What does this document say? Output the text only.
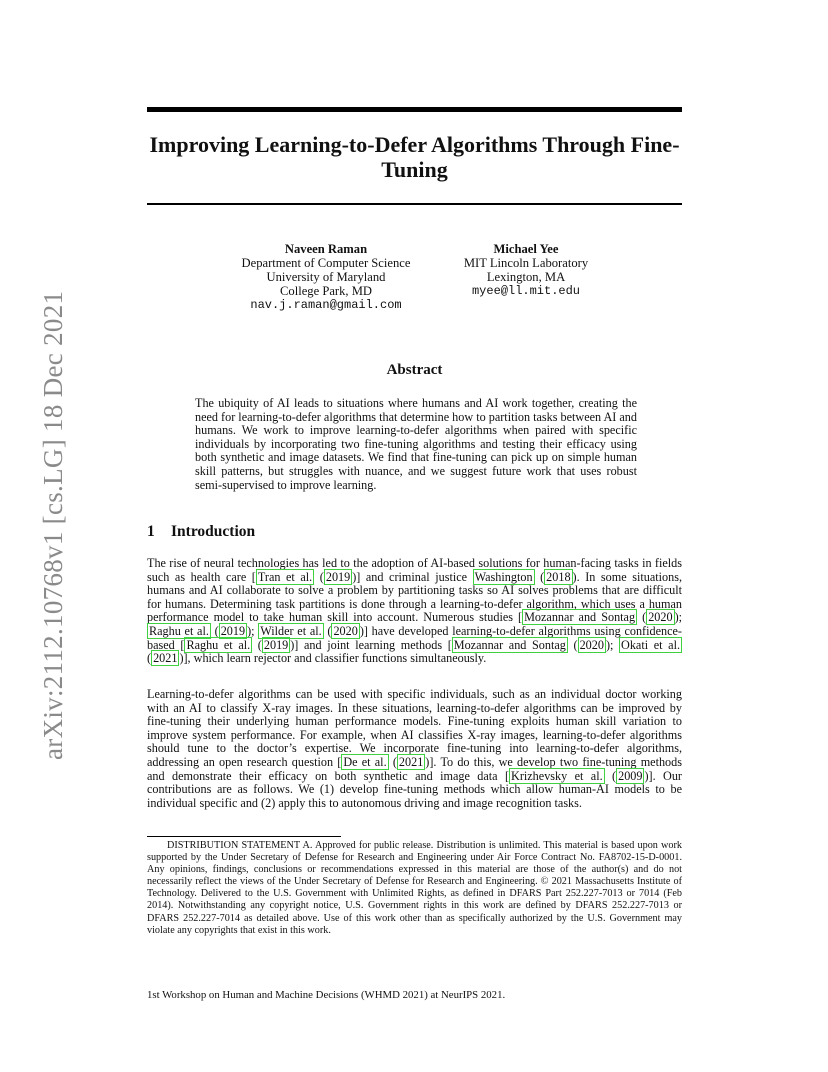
arXiv:2112.10768v1 [cs.LG] 18 Dec 2021
Improving Learning-to-Defer Algorithms Through Fine-Tuning
Naveen Raman
Department of Computer Science
University of Maryland
College Park, MD
nav.j.raman@gmail.com
Michael Yee
MIT Lincoln Laboratory
Lexington, MA
myee@ll.mit.edu
Abstract
The ubiquity of AI leads to situations where humans and AI work together, creating the need for learning-to-defer algorithms that determine how to partition tasks between AI and humans. We work to improve learning-to-defer algorithms when paired with specific individuals by incorporating two fine-tuning algorithms and testing their efficacy using both synthetic and image datasets. We find that fine-tuning can pick up on simple human skill patterns, but struggles with nuance, and we suggest future work that uses robust semi-supervised to improve learning.
1 Introduction
The rise of neural technologies has led to the adoption of AI-based solutions for human-facing tasks in fields such as health care [ Tran et al. ( 2019 )] and criminal justice Washington ( 2018 ). In some situations, humans and AI collaborate to solve a problem by partitioning tasks so AI solves problems that are difficult for humans. Determining task partitions is done through a learning-to-defer algorithm, which uses a human performance model to take human skill into account. Numerous studies [ Mozannar and Sontag ( 2020 ); Raghu et al. ( 2019 ); Wilder et al. ( 2020 )] have developed learning-to-defer algorithms using confidence-based [ Raghu et al. ( 2019 )] and joint learning methods [ Mozannar and Sontag ( 2020 ); Okati et al. ( 2021 )], which learn rejector and classifier functions simultaneously.
Learning-to-defer algorithms can be used with specific individuals, such as an individual doctor working with an AI to classify X-ray images. In these situations, learning-to-defer algorithms can be improved by fine-tuning their underlying human performance models. Fine-tuning exploits human skill variation to improve system performance. For example, when AI classifies X-ray images, learning-to-defer algorithms should tune to the doctor’s expertise. We incorporate fine-tuning into learning-to-defer algorithms, addressing an open research question [ De et al. ( 2021 )]. To do this, we develop two fine-tuning methods and demonstrate their efficacy on both synthetic and image data [ Krizhevsky et al. ( 2009 )]. Our contributions are as follows. We (1) develop fine-tuning methods which allow human-AI models to be individual specific and (2) apply this to autonomous driving and image recognition tasks.
DISTRIBUTION STATEMENT A. Approved for public release. Distribution is unlimited. This material is based upon work supported by the Under Secretary of Defense for Research and Engineering under Air Force Contract No. FA8702-15-D-0001. Any opinions, findings, conclusions or recommendations expressed in this material are those of the author(s) and do not necessarily reflect the views of the Under Secretary of Defense for Research and Engineering. © 2021 Massachusetts Institute of Technology. Delivered to the U.S. Government with Unlimited Rights, as defined in DFARS Part 252.227-7013 or 7014 (Feb 2014). Notwithstanding any copyright notice, U.S. Government rights in this work are defined by DFARS 252.227-7013 or DFARS 252.227-7014 as detailed above. Use of this work other than as specifically authorized by the U.S. Government may violate any copyrights that exist in this work.
1st Workshop on Human and Machine Decisions (WHMD 2021) at NeurIPS 2021.
